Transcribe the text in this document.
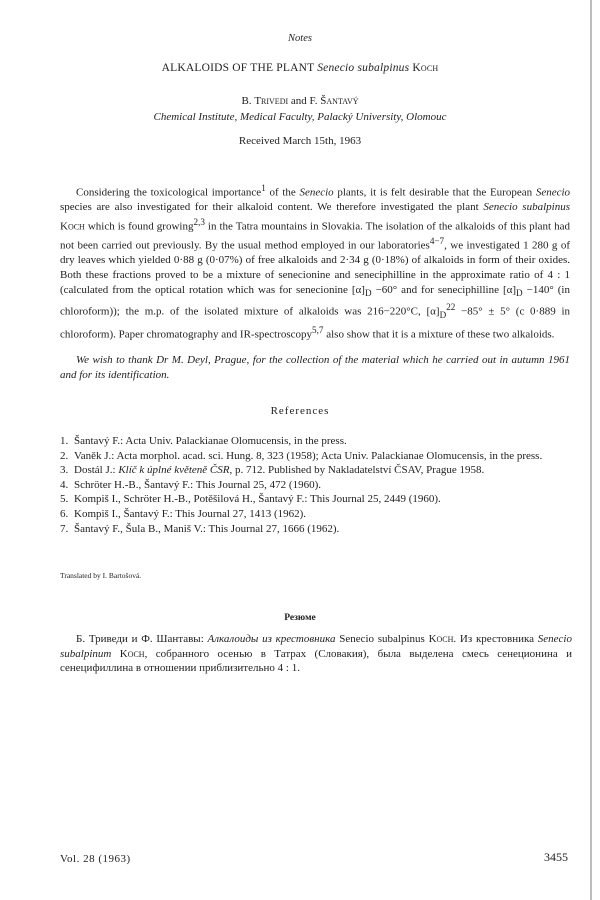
Notes
ALKALOIDS OF THE PLANT Senecio subalpinus Koch
B. Trivedi and F. Šantavý
Chemical Institute, Medical Faculty, Palacký University, Olomouc
Received March 15th, 1963

Considering the toxicological importance$^1$ of the Senecio plants, it is felt desirable that the European Senecio species are also investigated for their alkaloid content. We therefore investigated the plant Senecio subalpinus Koch which is found growing$^{2,3}$ in the Tatra mountains in Slovakia. The isolation of the alkaloids of this plant had not been carried out previously. By the usual method employed in our laboratories$^{4-7}$, we investigated 1 280 g of dry leaves which yielded 0·88 g (0·07%) of free alkaloids and 2·34 g (0·18%) of alkaloids in form of their oxides. Both these fractions proved to be a mixture of senecionine and seneciphilline in the approximate ratio of 4 : 1 (calculated from the optical rotation which was for senecionine $[\alpha]_D -60^\circ$ and for seneciphilline $[\alpha]_D -140^\circ$ (in chloroform)); the m.p. of the isolated mixture of alkaloids was 216−220°C, $[\alpha]_D^{22} -85^\circ \pm 5^\circ$ (c 0·889 in chloroform). Paper chromatography and IR-spectroscopy$^{5,7}$ also show that it is a mixture of these two alkaloids.

We wish to thank Dr M. Deyl, Prague, for the collection of the material which he carried out in autumn 1961 and for its identification.

References
1. Šantavý F.: Acta Univ. Palackianae Olomucensis, in the press.
2. Vaněk J.: Acta morphol. acad. sci. Hung. 8, 323 (1958); Acta Univ. Palackianae Olomucensis, in the press.
3. Dostál J.: Klíč k úplné květeně ČSR, p. 712. Published by Nakladatelství ČSAV, Prague 1958.
4. Schröter H.-B., Šantavý F.: This Journal 25, 472 (1960).
5. Kompiš I., Schröter H.-B., Potěšilová H., Šantavý F.: This Journal 25, 2449 (1960).
6. Kompiš I., Šantavý F.: This Journal 27, 1413 (1962).
7. Šantavý F., Šula B., Maniš V.: This Journal 27, 1666 (1962).
Translated by I. Bartošová.
Резюме

Б. Триведи и Ф. Шантавы: Алкалоиды из крестовника Senecio subalpinus Koch. Из крестовника Senecio subalpinum Koch, собранного осенью в Татрах (Словакия), была выделена смесь сенеционина и сенецифиллина в отношении приблизительно 4 : 1.

Vol. 28 (1963)	3455
